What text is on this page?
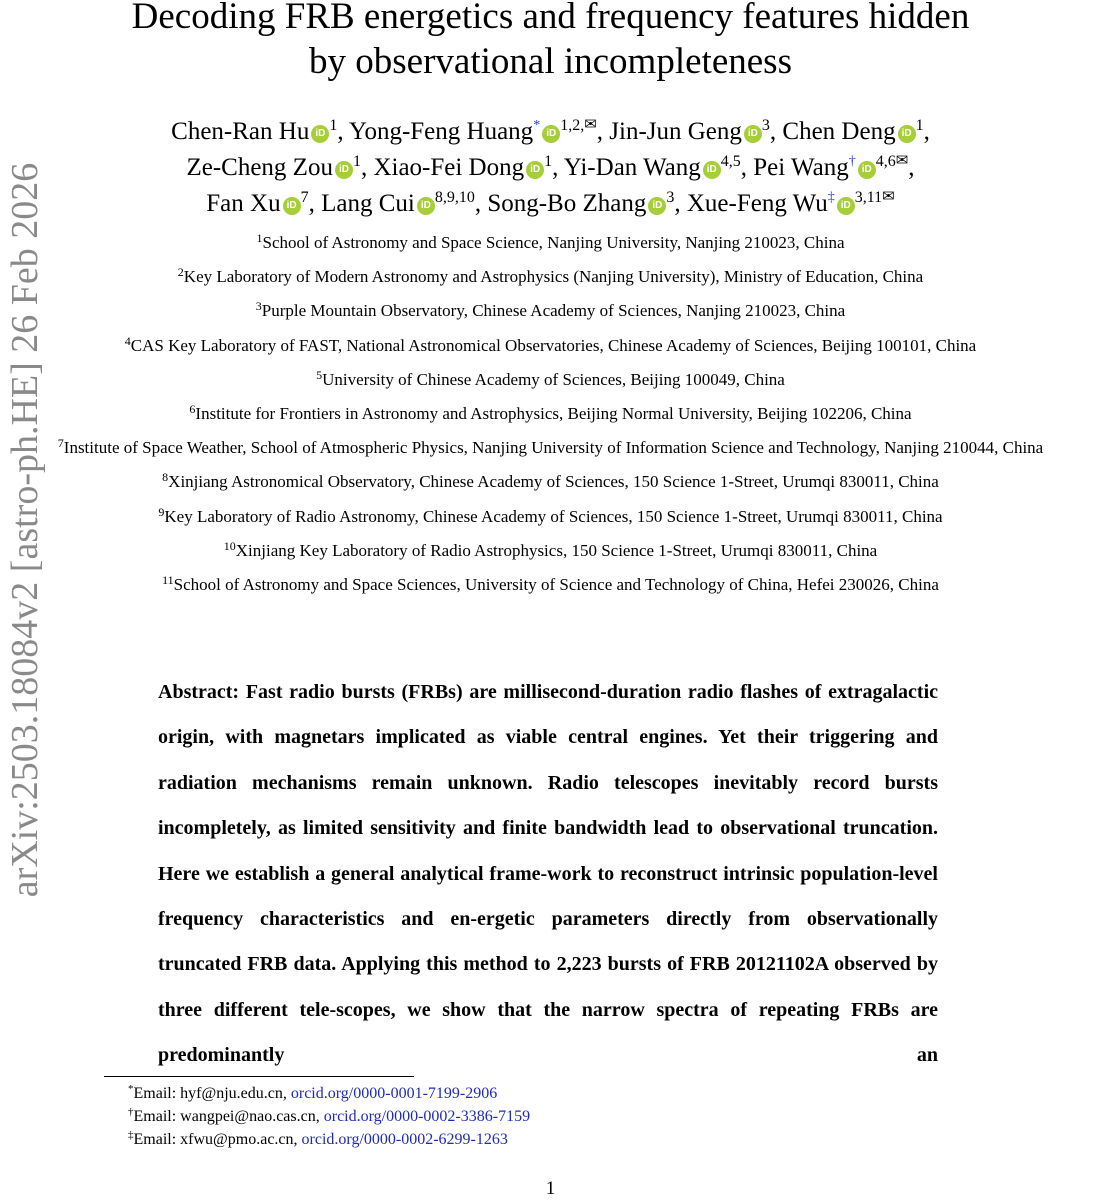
arXiv:2503.18084v2 [astro-ph.HE] 26 Feb 2026
Decoding FRB energetics and frequency features hidden
by observational incompleteness
Chen-Ran Hu iD $^1$, Yong-Feng Huang*iD $^{1,2,✉}$, Jin-Jun Geng iD $^3$, Chen Deng iD $^1$,
Ze-Cheng Zou iD $^1$, Xiao-Fei Dong iD $^1$, Yi-Dan Wang iD $^{4,5}$, Pei Wang†iD $^{4,6✉}$,
Fan Xu iD $^7$, Lang Cui iD $^{8,9,10}$, Song-Bo Zhang iD $^3$, Xue-Feng Wu‡iD $^{3,11✉}$
$^1$School of Astronomy and Space Science, Nanjing University, Nanjing 210023, China
$^2$Key Laboratory of Modern Astronomy and Astrophysics (Nanjing University), Ministry of Education, China
$^3$Purple Mountain Observatory, Chinese Academy of Sciences, Nanjing 210023, China
$^4$CAS Key Laboratory of FAST, National Astronomical Observatories, Chinese Academy of Sciences, Beijing 100101, China
$^5$University of Chinese Academy of Sciences, Beijing 100049, China
$^6$Institute for Frontiers in Astronomy and Astrophysics, Beijing Normal University, Beijing 102206, China
$^7$Institute of Space Weather, School of Atmospheric Physics, Nanjing University of Information Science and Technology, Nanjing 210044, China
$^8$Xinjiang Astronomical Observatory, Chinese Academy of Sciences, 150 Science 1-Street, Urumqi 830011, China
$^9$Key Laboratory of Radio Astronomy, Chinese Academy of Sciences, 150 Science 1-Street, Urumqi 830011, China
$^{10}$Xinjiang Key Laboratory of Radio Astrophysics, 150 Science 1-Street, Urumqi 830011, China
$^{11}$School of Astronomy and Space Sciences, University of Science and Technology of China, Hefei 230026, China
Abstract: Fast radio bursts (FRBs) are millisecond-duration radio flashes of extragalactic origin, with magnetars implicated as viable central engines. Yet their triggering and radiation mechanisms remain unknown. Radio telescopes inevitably record bursts incompletely, as limited sensitivity and finite bandwidth lead to observational truncation. Here we establish a general analytical frame-work to reconstruct intrinsic population-level frequency characteristics and en-ergetic parameters directly from observationally truncated FRB data. Applying this method to 2,223 bursts of FRB 20121102A observed by three different tele-scopes, we show that the narrow spectra of repeating FRBs are predominantly an
*Email: hyf@nju.edu.cn, orcid.org/0000-0001-7199-2906
†Email: wangpei@nao.cas.cn, orcid.org/0000-0002-3386-7159
‡Email: xfwu@pmo.ac.cn, orcid.org/0000-0002-6299-1263
1
